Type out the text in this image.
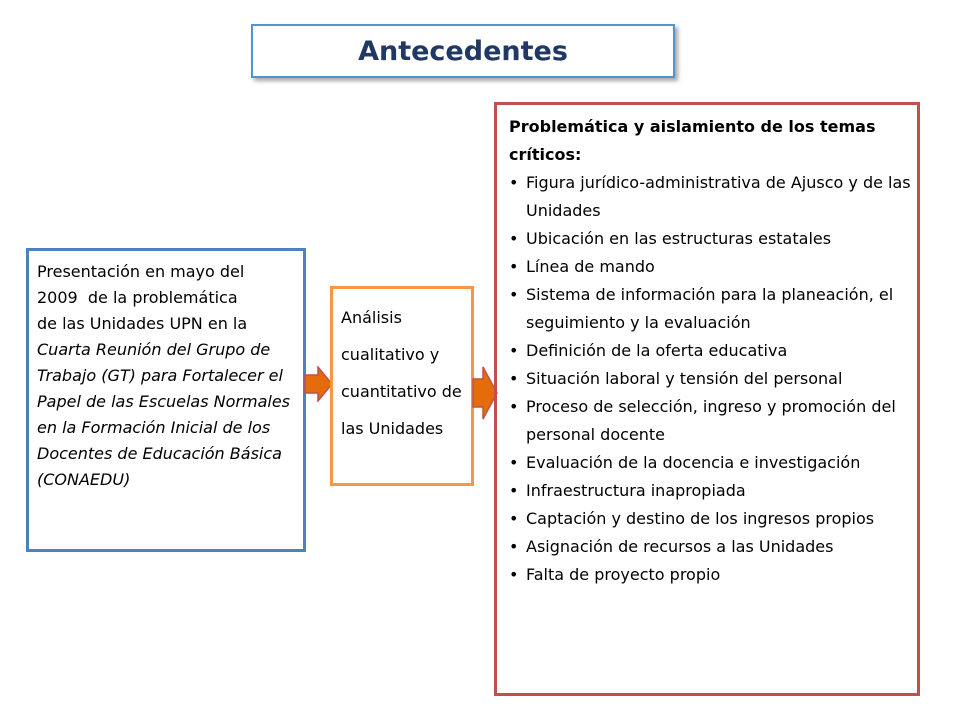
Antecedentes
Presentación en mayo del
2009  de la problemática
de las Unidades UPN en la
Cuarta Reunión del Grupo de Trabajo (GT) para Fortalecer el Papel de las Escuelas Normales en la Formación Inicial de los Docentes de Educación Básica (CONAEDU)
Análisis cualitativo y cuantitativo de las Unidades
Problemática y aislamiento de los temas críticos:
• Figura jurídico-administrativa de Ajusco y de las Unidades
• Ubicación en las estructuras estatales
• Línea de mando
• Sistema de información para la planeación, el seguimiento y la evaluación
• Definición de la oferta educativa
• Situación laboral y tensión del personal
• Proceso de selección, ingreso y promoción del personal docente
• Evaluación de la docencia e investigación
• Infraestructura inapropiada
• Captación y destino de los ingresos propios
• Asignación de recursos a las Unidades
• Falta de proyecto propio
